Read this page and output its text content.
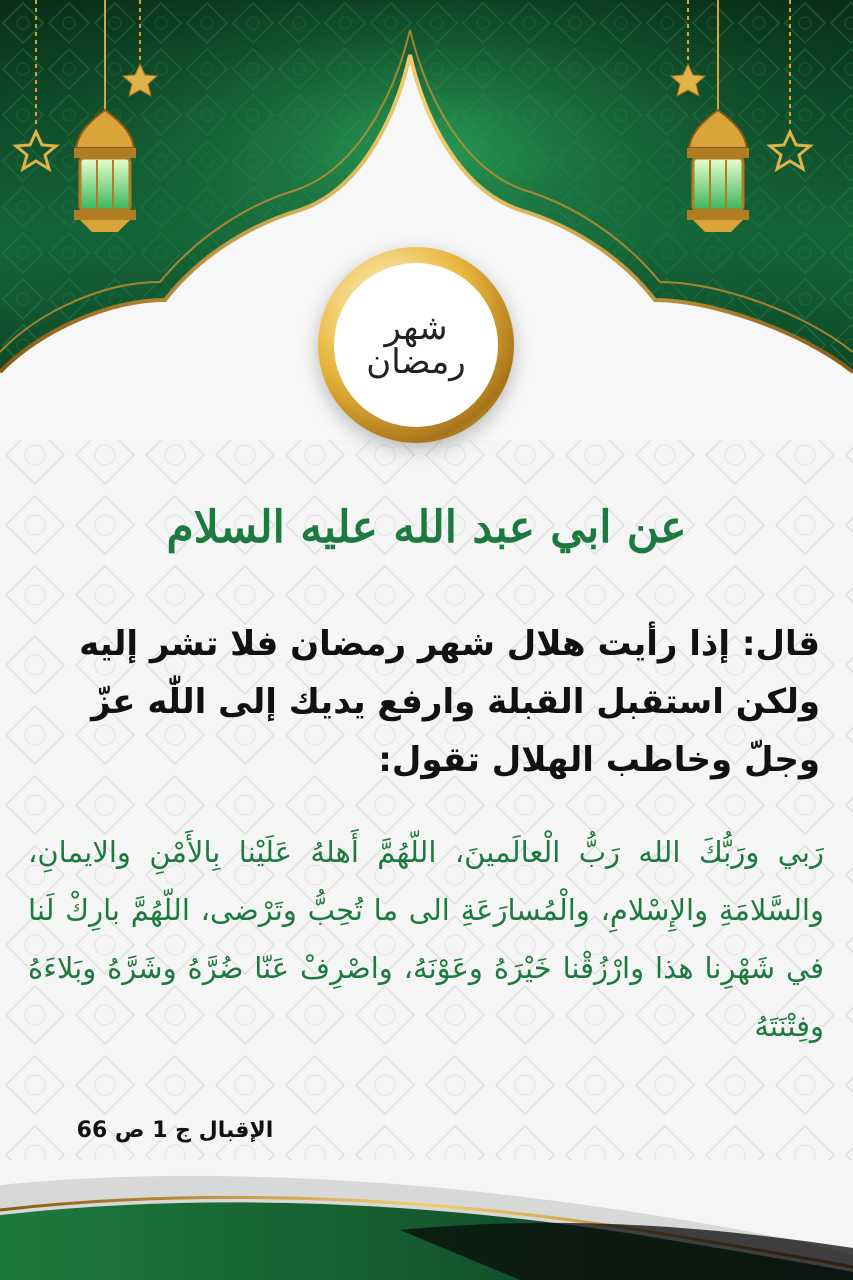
شهر رمضان
عن ابي عبد الله عليه السلام
قال: إذا رأيت هلال شهر رمضان فلا تشر إليه ولكن استقبل القبلة وارفع يديك إلى اللّٰه عزّ وجلّ وخاطب الهلال تقول:
رَبي ورَبُّكَ الله رَبُّ الْعالَمينَ، اللّهُمَّ أَهلهُ عَلَيْنا بِالأَمْنِ والايمانِ، والسَّلامَةِ والإِسْلامِ، والْمُسارَعَةِ الى ما تُحِبُّ وتَرْضى، اللّهُمَّ بارِكْ لَنا في شَهْرِنا هذا وارْزُقْنا خَيْرَهُ وعَوْنَهُ، واصْرِفْ عَنّا ضُرَّهُ وشَرَّهُ وبَلاءَهُ وفِتْنَتَهُ
الإقبال ج 1 ص 66
